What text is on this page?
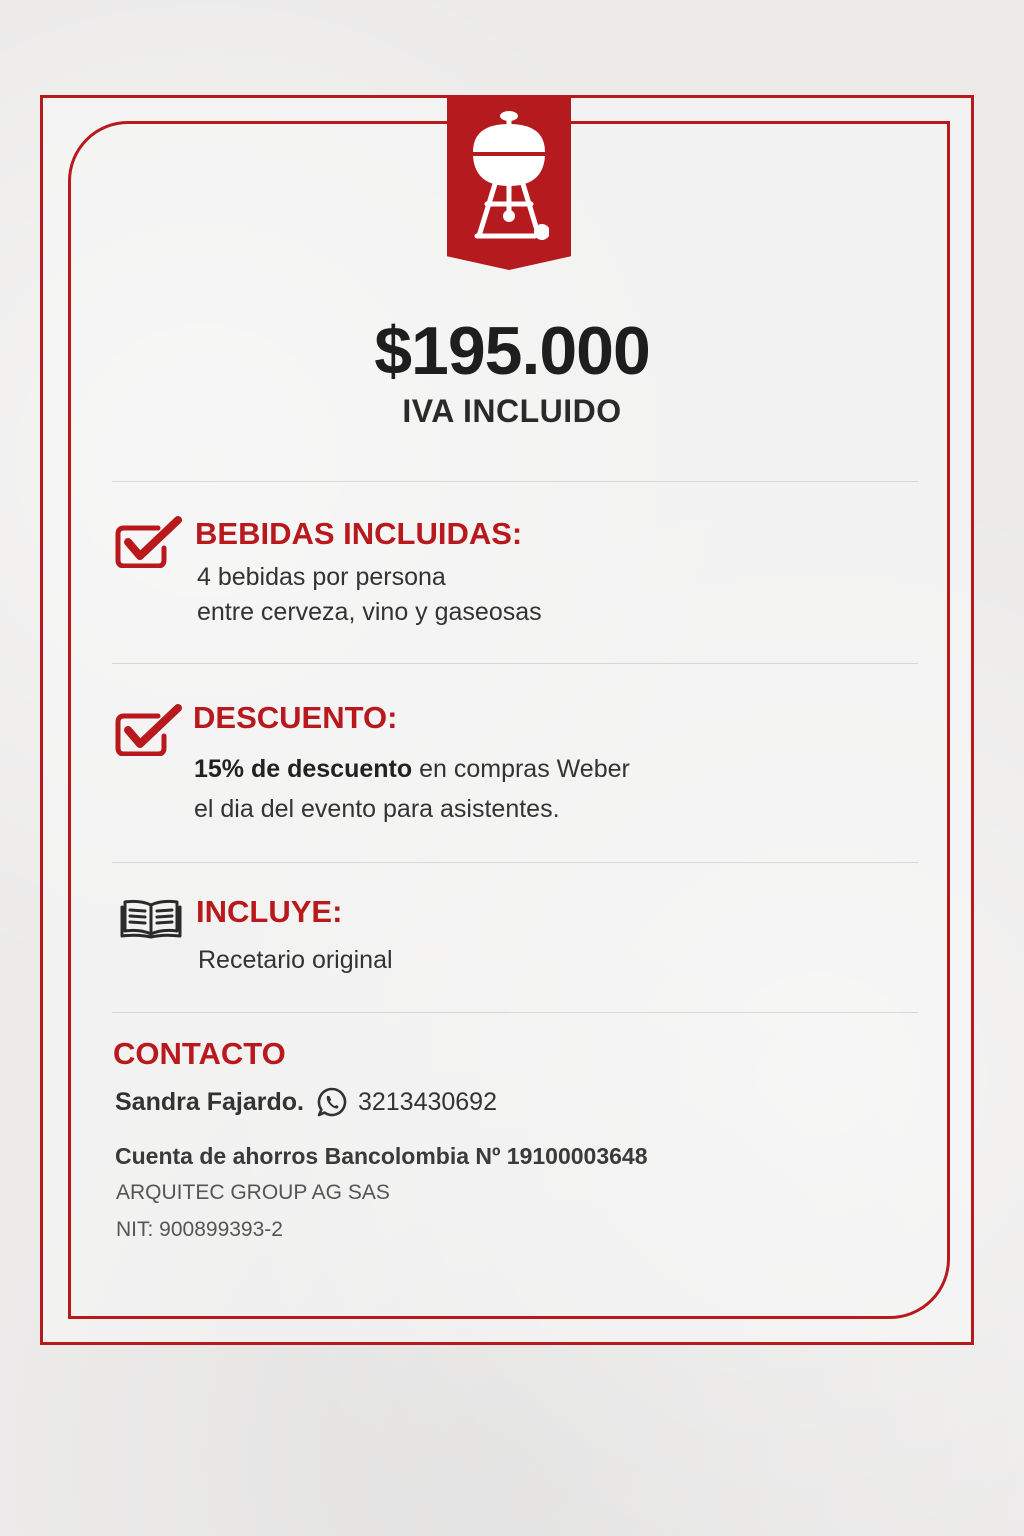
$195.000
IVA INCLUIDO
BEBIDAS INCLUIDAS:
4 bebidas por persona
entre cerveza, vino y gaseosas
DESCUENTO:
15% de descuento en compras Weber
el dia del evento para asistentes.
INCLUYE:
Recetario original
CONTACTO
Sandra Fajardo. 3213430692
Cuenta de ahorros Bancolombia Nº 19100003648
ARQUITEC GROUP AG SAS
NIT: 900899393-2
